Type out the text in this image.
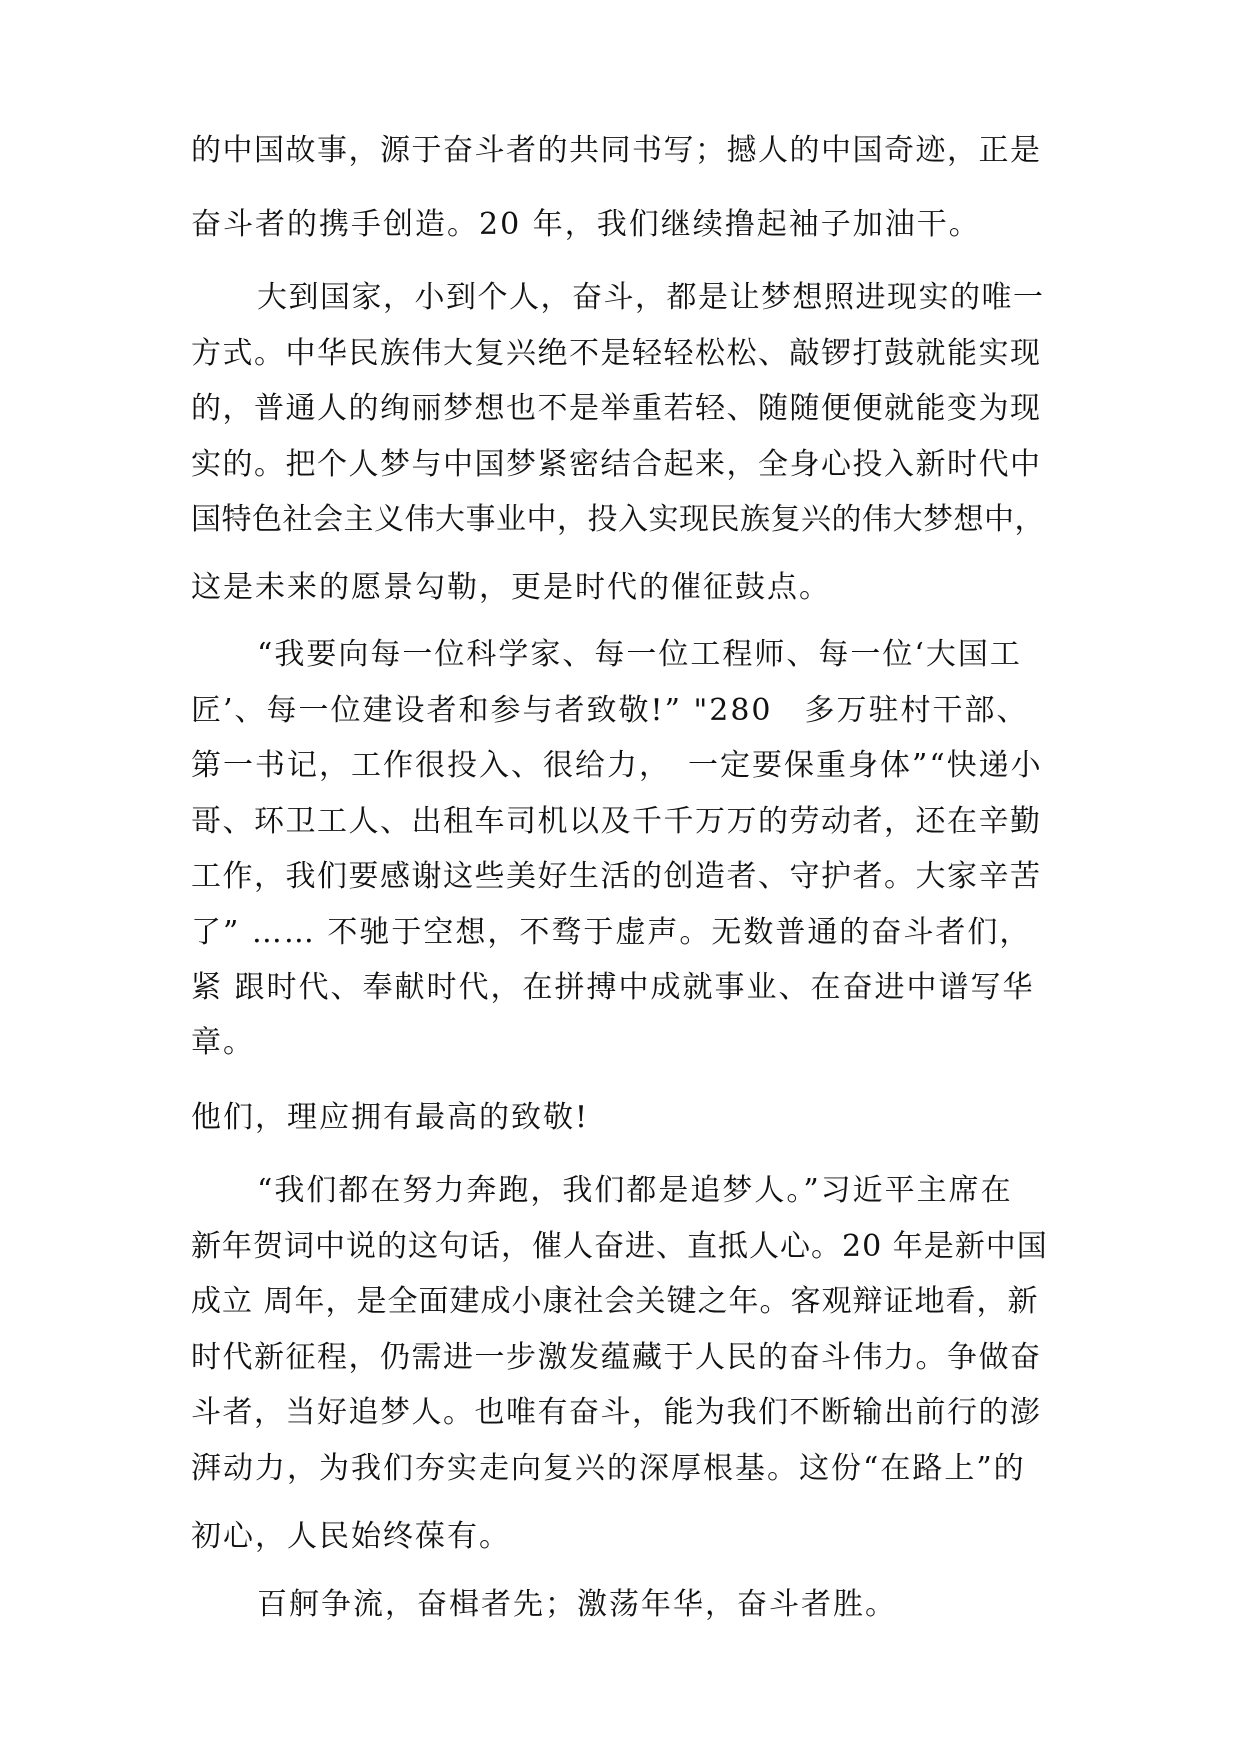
的中国故事，源于奋斗者的共同书写；撼人的中国奇迹，正是
奋斗者的携手创造。20 年，我们继续撸起袖子加油干。
大到国家，小到个人，奋斗，都是让梦想照进现实的唯一
方式。中华民族伟大复兴绝不是轻轻松松、敲锣打鼓就能实现
的，普通人的绚丽梦想也不是举重若轻、随随便便就能变为现
实的。把个人梦与中国梦紧密结合起来，全身心投入新时代中
国特色社会主义伟大事业中，投入实现民族复兴的伟大梦想中，
这是未来的愿景勾勒，更是时代的催征鼓点。
“我要向每一位科学家、每一位工程师、每一位‘大国工
匠’、每一位建设者和参与者致敬!” "280　多万驻村干部、
第一书记，工作很投入、很给力，　一定要保重身体”“快递小
哥、环卫工人、出租车司机以及千千万万的劳动者，还在辛勤
工作，我们要感谢这些美好生活的创造者、守护者。大家辛苦
了” …… 不驰于空想，不骛于虚声。无数普通的奋斗者们，
紧 跟时代、奉献时代，在拼搏中成就事业、在奋进中谱写华
章。
他们，理应拥有最高的致敬!
“我们都在努力奔跑，我们都是追梦人。”习近平主席在
新年贺词中说的这句话，催人奋进、直抵人心。20 年是新中国
成立 周年，是全面建成小康社会关键之年。客观辩证地看，新
时代新征程，仍需进一步激发蕴藏于人民的奋斗伟力。争做奋
斗者，当好追梦人。也唯有奋斗，能为我们不断输出前行的澎
湃动力，为我们夯实走向复兴的深厚根基。这份“在路上”的
初心，人民始终葆有。
百舸争流，奋楫者先；激荡年华，奋斗者胜。
